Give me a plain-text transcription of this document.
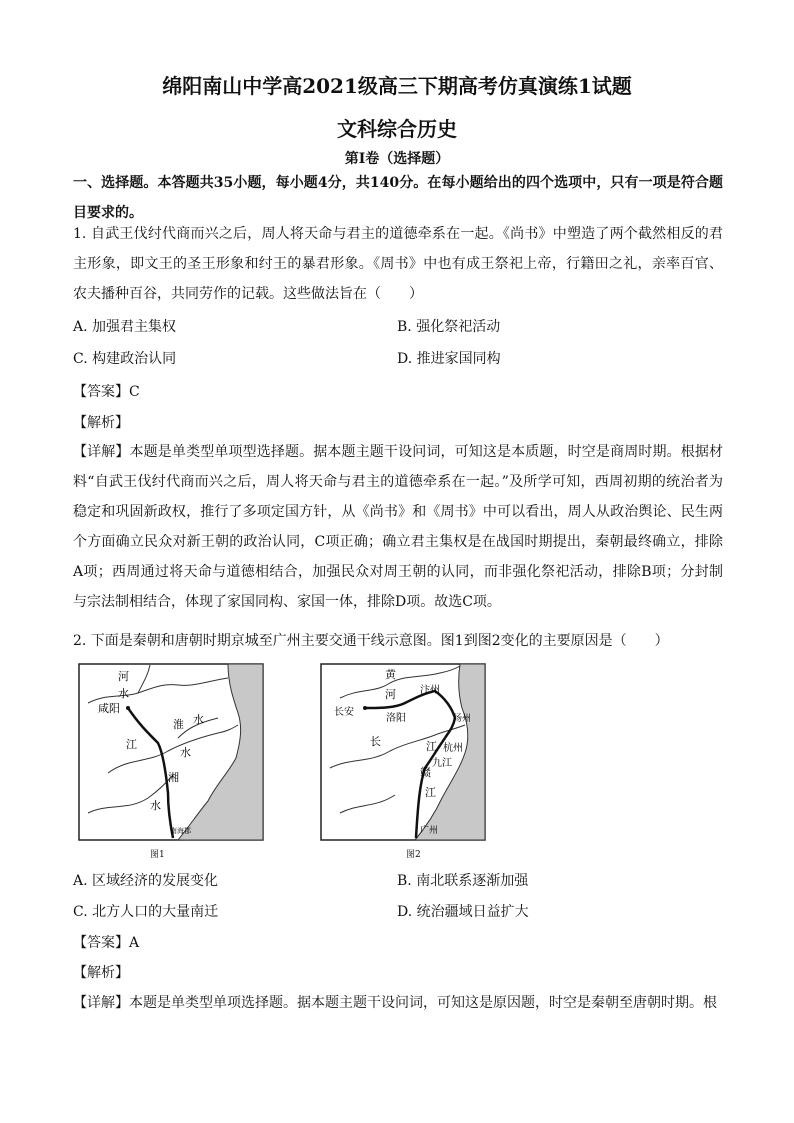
绵阳南山中学高2021级高三下期高考仿真演练1试题
文科综合历史
第Ⅰ卷（选择题）
一、选择题。本答题共35小题，每小题4分，共140分。在每小题给出的四个选项中，只有一项是符合题目要求的。
1. 自武王伐纣代商而兴之后，周人将天命与君主的道德牵系在一起。《尚书》中塑造了两个截然相反的君主形象，即文王的圣王形象和纣王的暴君形象。《周书》中也有成王祭祀上帝，行籍田之礼，亲率百官、农夫播种百谷，共同劳作的记载。这些做法旨在（　　）
A. 加强君主集权	B. 强化祭祀活动
C. 构建政治认同	D. 推进家国同构
【答案】C
【解析】
【详解】本题是单类型单项型选择题。据本题主题干设问词，可知这是本质题，时空是商周时期。根据材料“自武王伐纣代商而兴之后，周人将天命与君主的道德牵系在一起。”及所学可知，西周初期的统治者为稳定和巩固新政权，推行了多项定国方针，从《尚书》和《周书》中可以看出，周人从政治舆论、民生两个方面确立民众对新王朝的政治认同，C项正确；确立君主集权是在战国时期提出，秦朝最终确立，排除A项；西周通过将天命与道德相结合，加强民众对周王朝的认同，而非强化祭祀活动，排除B项；分封制与宗法制相结合，体现了家国同构、家国一体，排除D项。故选C项。
2. 下面是秦朝和唐朝时期京城至广州主要交通干线示意图。图1到图2变化的主要原因是（　　）
河
水
咸阳
淮 水
江
水
湘
水
南海郡
图1
黄
河 汴州
长安
洛阳	扬州
长	江 杭州
九江
赣
江
广州
图2
A. 区域经济的发展变化	B. 南北联系逐渐加强
C. 北方人口的大量南迁	D. 统治疆域日益扩大
【答案】A
【解析】
【详解】本题是单类型单项选择题。据本题主题干设问词，可知这是原因题，时空是秦朝至唐朝时期。根
